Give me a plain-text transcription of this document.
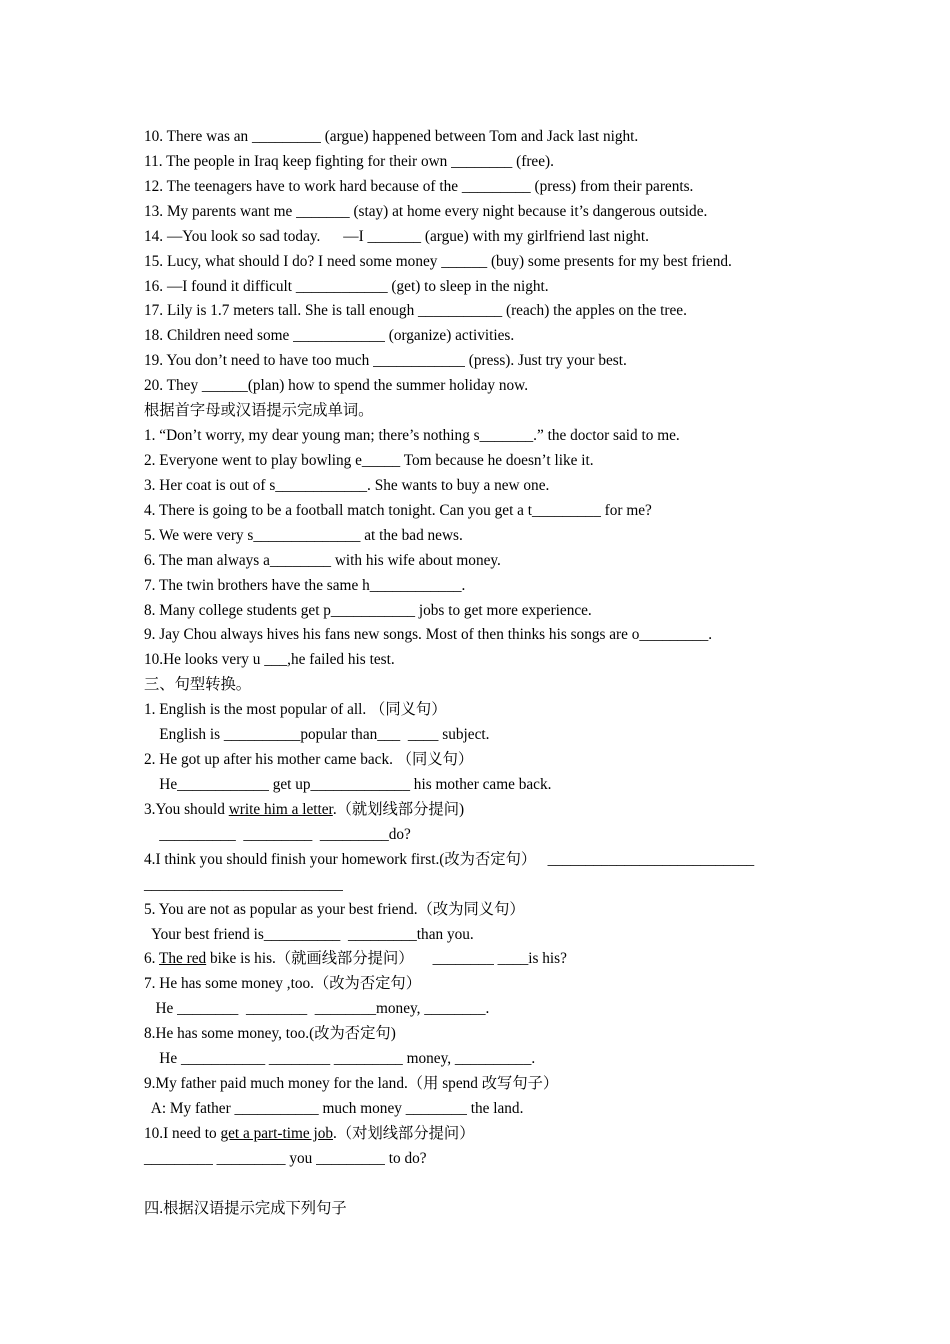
10. There was an _________ (argue) happened between Tom and Jack last night.
11. The people in Iraq keep fighting for their own ________ (free).
12. The teenagers have to work hard because of the _________ (press) from their parents.
13. My parents want me _______ (stay) at home every night because it’s dangerous outside.
14. —You look so sad today.      —I _______ (argue) with my girlfriend last night.
15. Lucy, what should I do? I need some money ______ (buy) some presents for my best friend.
16. —I found it difficult ____________ (get) to sleep in the night.
17. Lily is 1.7 meters tall. She is tall enough ___________ (reach) the apples on the tree.
18. Children need some ____________ (organize) activities.
19. You don’t need to have too much ____________ (press). Just try your best.
20. They ______(plan) how to spend the summer holiday now.
根据首字母或汉语提示完成单词。
1. “Don’t worry, my dear young man; there’s nothing s_______.” the doctor said to me.
2. Everyone went to play bowling e_____ Tom because he doesn’t like it.
3. Her coat is out of s____________. She wants to buy a new one.
4. There is going to be a football match tonight. Can you get a t_________ for me?
5. We were very s______________ at the bad news.
6. The man always a________ with his wife about money.
7. The twin brothers have the same h____________.
8. Many college students get p___________ jobs to get more experience.
9. Jay Chou always hives his fans new songs. Most of then thinks his songs are o_________.
10.He looks very u ___,he failed his test.
三、句型转换。
1. English is the most popular of all. （同义句）
English is __________popular than___  ____ subject.
2. He got up after his mother came back. （同义句）
He____________ get up_____________ his mother came back.
3.You should write him a letter.（就划线部分提问)
__________  _________  _________do?
4.I think you should finish your homework first.(改为否定句）   ___________________________
__________________________
5. You are not as popular as your best friend.（改为同义句）
Your best friend is__________  _________than you.
6. The red bike is his.（就画线部分提问）     ________ ____is his?
7. He has some money ,too.（改为否定句）
He ________  ________  ________money, ________.
8.He has some money, too.(改为否定句)
He ___________ ________ _________ money, __________.
9.My father paid much money for the land.（用 spend 改写句子）
A: My father ___________ much money ________ the land.
10.I need to get a part-time job.（对划线部分提问）
_________ _________ you _________ to do?
四.根据汉语提示完成下列句子
